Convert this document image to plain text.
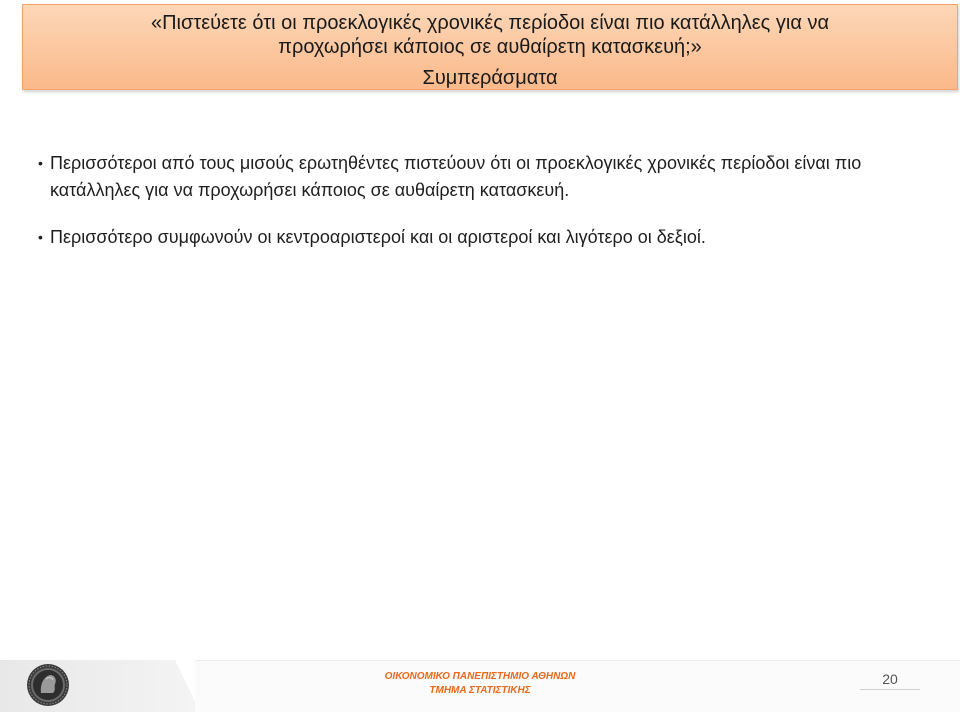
«Πιστεύετε ότι οι προεκλογικές χρονικές περίοδοι είναι πιο κατάλληλες για να
προχωρήσει κάποιος σε αυθαίρετη κατασκευή;»
Συμπεράσματα
• Περισσότεροι από τους μισούς ερωτηθέντες πιστεύουν ότι οι προεκλογικές χρονικές περίοδοι είναι πιο κατάλληλες για να προχωρήσει κάποιος σε αυθαίρετη κατασκευή.
• Περισσότερο συμφωνούν οι κεντροαριστεροί και οι αριστεροί και λιγότερο οι δεξιοί.
ΟΙΚΟΝΟΜΙΚΟ ΠΑΝΕΠΙΣΤΗΜΙΟ ΑΘΗΝΩΝ
ΤΜΗΜΑ ΣΤΑΤΙΣΤΙΚΗΣ
20
